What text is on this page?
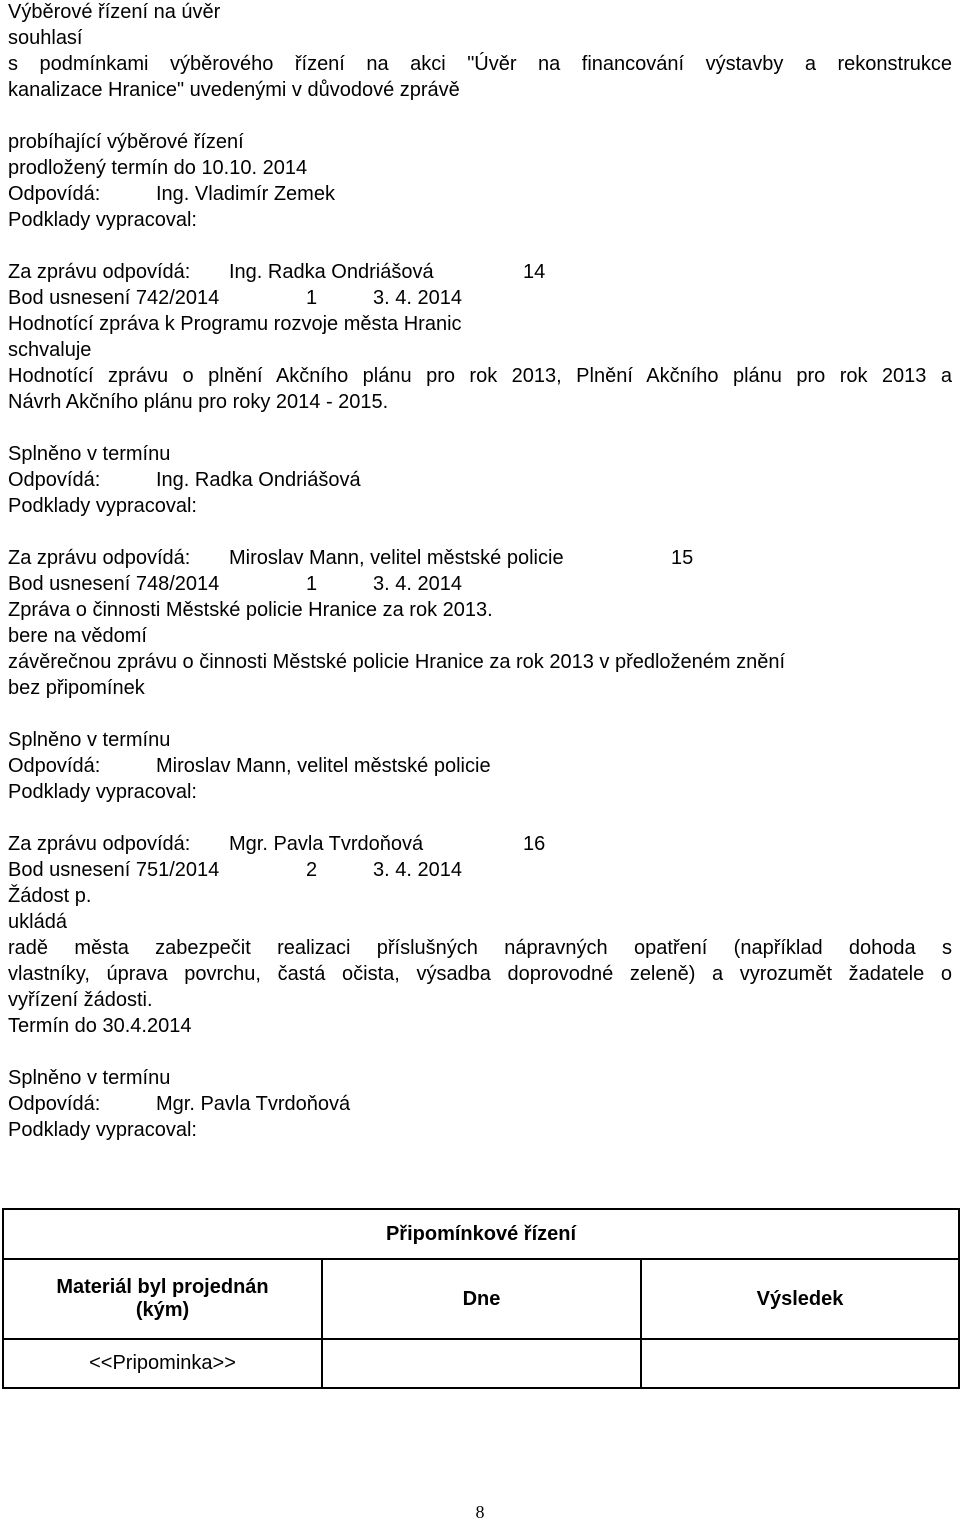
Výběrové řízení na úvěr
souhlasí
s podmínkami výběrového řízení na akci "Úvěr na financování výstavby a rekonstrukce
kanalizace Hranice" uvedenými v důvodové zprávě
probíhající výběrové řízení
prodložený termín do 10.10. 2014
Odpovídá:	Ing. Vladimír Zemek
Podklady vypracoval:
Za zprávu odpovídá: Ing. Radka Ondriášová	14
Bod usnesení 742/2014	1	3. 4. 2014
Hodnotící zpráva k Programu rozvoje města Hranic
schvaluje
Hodnotící zprávu o plnění Akčního plánu pro rok 2013, Plnění Akčního plánu pro rok 2013 a
Návrh Akčního plánu pro roky 2014 - 2015.
Splněno v termínu
Odpovídá:	Ing. Radka Ondriášová
Podklady vypracoval:
Za zprávu odpovídá: Miroslav Mann, velitel městské policie	15
Bod usnesení 748/2014	1	3. 4. 2014
Zpráva o činnosti Městské policie Hranice za rok 2013.
bere na vědomí
závěrečnou zprávu o činnosti Městské policie Hranice za rok 2013 v předloženém znění
bez připomínek
Splněno v termínu
Odpovídá:	Miroslav Mann, velitel městské policie
Podklady vypracoval:
Za zprávu odpovídá: Mgr. Pavla Tvrdoňová	16
Bod usnesení 751/2014	2	3. 4. 2014
Žádost p.
ukládá
radě města zabezpečit realizaci příslušných nápravných opatření (například dohoda s
vlastníky, úprava povrchu, častá očista, výsadba doprovodné zeleně) a vyrozumět žadatele o
vyřízení žádosti.
Termín do 30.4.2014
Splněno v termínu
Odpovídá:	Mgr. Pavla Tvrdoňová
Podklady vypracoval:
Připomínkové řízení		

Materiál byl projednán
(kým)	Dne	Výsledek
<<Pripominka>>		
8
